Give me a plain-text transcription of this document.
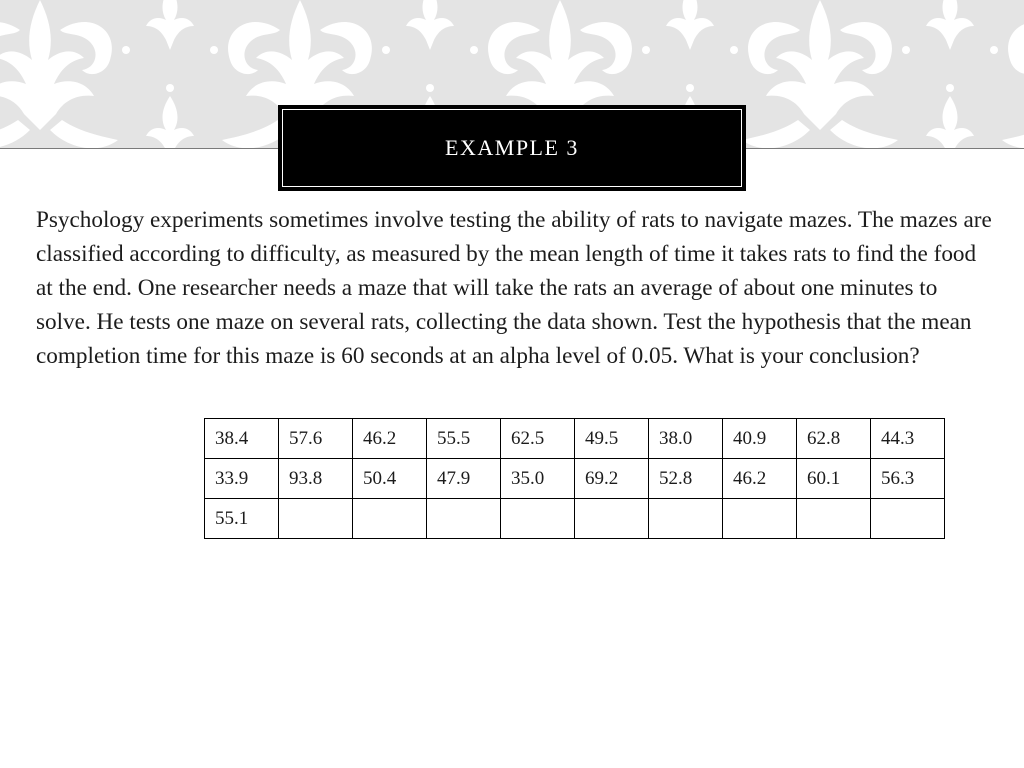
EXAMPLE 3

Psychology experiments sometimes involve testing the ability of rats to navigate mazes. The mazes are classified according to difficulty, as measured by the mean length of time it takes rats to find the food at the end. One researcher needs a maze that will take the rats an average of about one minutes to solve. He tests one maze on several rats, collecting the data shown. Test the hypothesis that the mean completion time for this maze is 60 seconds at an alpha level of 0.05. What is your conclusion?

38.4	57.6	46.2	55.5	62.5	49.5	38.0	40.9	62.8	44.3
33.9	93.8	50.4	47.9	35.0	69.2	52.8	46.2	60.1	56.3
55.1									
